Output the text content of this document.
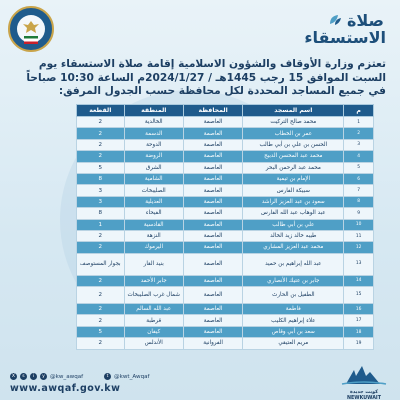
صلاة
الاستسقاء
تعتزم وزارة الأوقاف والشؤون الاسلامية إقامة صلاة الاستسقاء يوم السبت الموافق 15 رجب 1445هـ / 2024/1/27م الساعة 10:30 صباحاً في جميع المساجد المحددة لكل محافظة حسب الجدول المرفق:
م	اسم المسجد	المحافظة	المنطقة	القطعة
1	محمد صالح التركيت	العاصمة	الخالدية	2
2	عمر بن الخطاب	العاصمة	الدسمة	2
3	الحسن بن علي بن أبي طالب	العاصمة	الدوحة	2
4	محمد عبد المحسن الدبيج	العاصمة	الروضة	2
5	محمد عبد الرحمن البحر	العاصمة	الشرق	5
6	الإمام بن تيمية	العاصمة	الشامية	8
7	سبيكة الفارس	العاصمة	الصليبخات	3
8	سعود بن عبد العزيز الراشد	العاصمة	العديلية	3
9	عبد الوهاب عبد الله الفارس	العاصمة	الفيحاء	8
10	علي بن أبي طالب	العاصمة	القادسية	1
11	طيبه خالد زيد الخالد	العاصمة	النزهة	2
12	محمد عبد العزيز المشاري	العاصمة	اليرموك	2
13	عبد الله إبراهيم بن حميد	العاصمة	بنيد القار	بجوار المستوصف
14	جابر بن عتيك الأنصاري	العاصمة	جابر الأحمد	2
15	الطفيل بن الحارث	العاصمة	شمال غرب الصليبخات	2
16	فاطمة	العاصمة	عبد الله السالم	2
17	علاء إبراهيم الكليب	العاصمة	قرطبة	2
18	سعد بن أبي وقاص	العاصمة	كيفان	5
19	مريم العتيقي	الفروانية	الأندلس	2
t @kwt_Awqaf
X	s	i	y @kw_awqaf
www.awqaf.gov.kw	كويت جديدة
NEWKUWAIT
